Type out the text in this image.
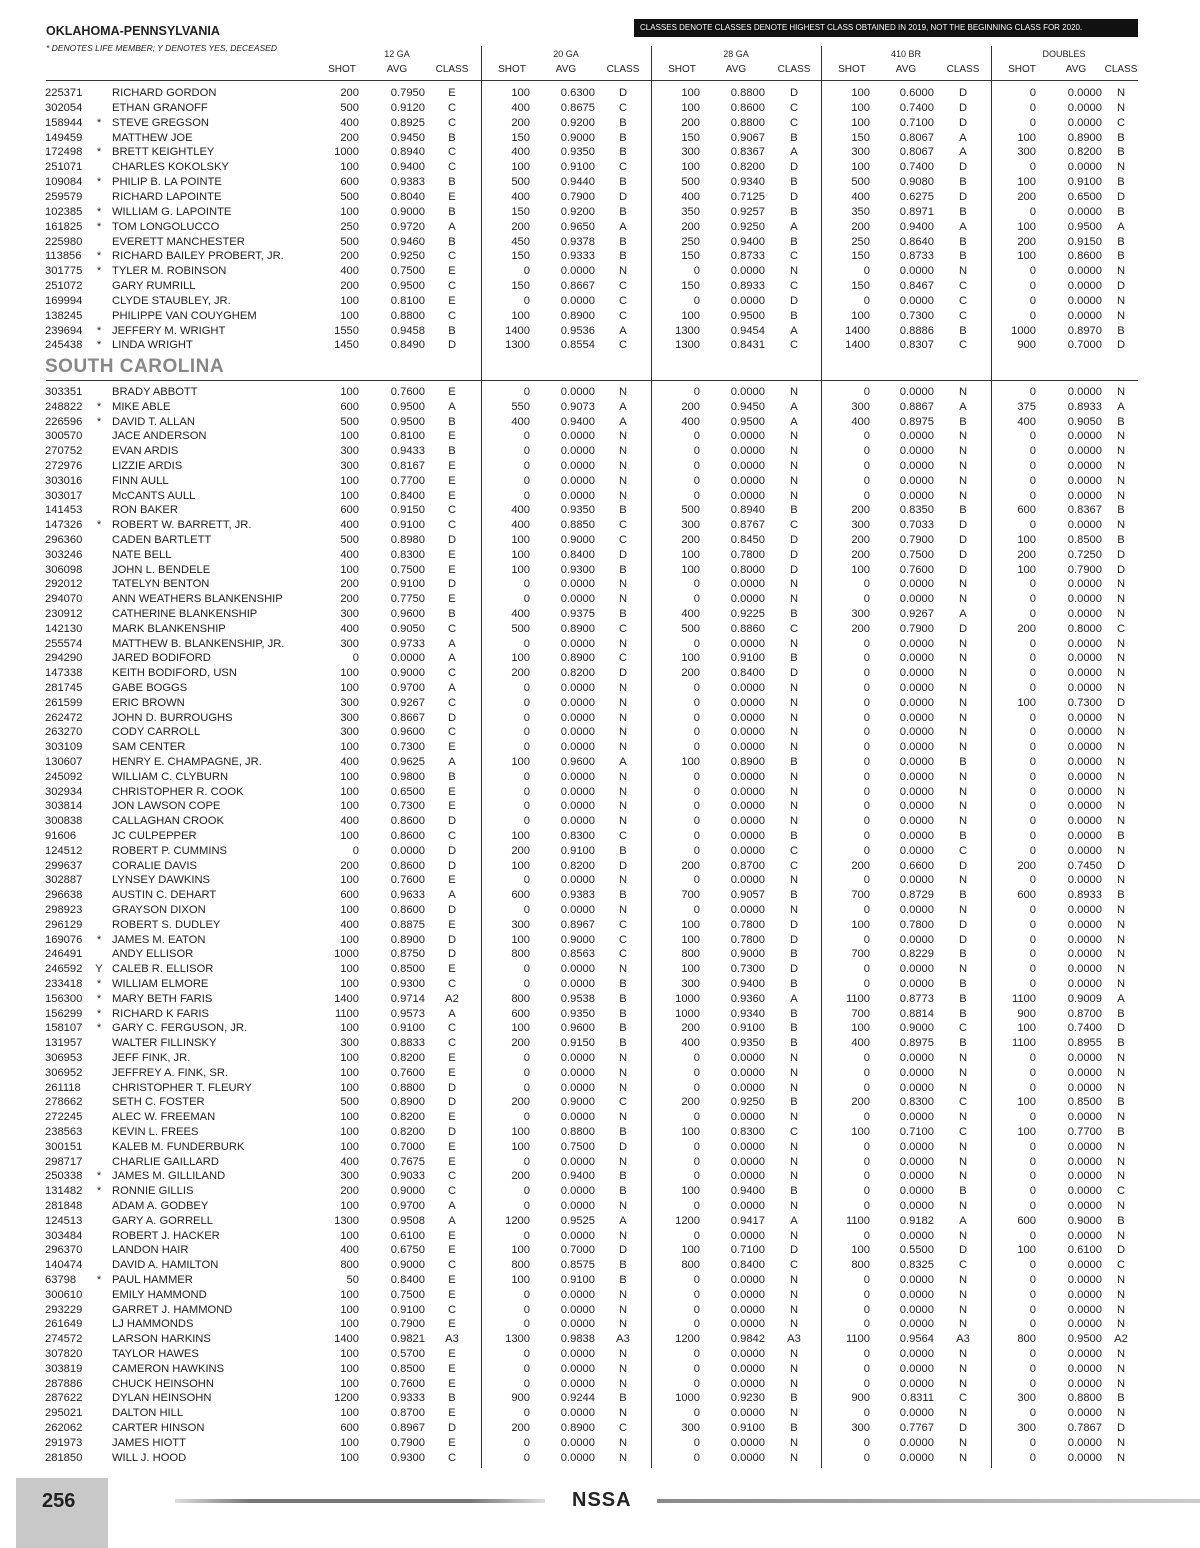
OKLAHOMA-PENNSYLVANIA
* DENOTES LIFE MEMBER; Y DENOTES YES, DECEASED
CLASSES DENOTE CLASSES DENOTE HIGHEST CLASS OBTAINED IN 2019, NOT THE BEGINNING CLASS FOR 2020.
12 GA
SHOT	AVG	CLASS
20 GA
SHOT	AVG	CLASS
28 GA
SHOT	AVG	CLASS
410 BR
SHOT	AVG	CLASS
DOUBLES
SHOT	AVG	CLASS
SOUTH CAROLINA
225371	RICHARD GORDON	200	0.7950	E	100	0.6300	D	100	0.8800	D	100	0.6000	D	0	0.0000	N
302054	ETHAN GRANOFF	500	0.9120	C	400	0.8675	C	100	0.8600	C	100	0.7400	D	0	0.0000	N
158944 * STEVE GREGSON	400	0.8925	C	200	0.9200	B	200	0.8800	C	100	0.7100	D	0	0.0000	C
149459	MATTHEW JOE	200	0.9450	B	150	0.9000	B	150	0.9067	B	150	0.8067	A	100	0.8900	B
172498 * BRETT KEIGHTLEY	1000	0.8940	C	400	0.9350	B	300	0.8367	A	300	0.8067	A	300	0.8200	B
251071	CHARLES KOKOLSKY	100	0.9400	C	100	0.9100	C	100	0.8200	D	100	0.7400	D	0	0.0000	N
109084 * PHILIP B. LA POINTE	600	0.9383	B	500	0.9440	B	500	0.9340	B	500	0.9080	B	100	0.9100	B
259579	RICHARD LAPOINTE	500	0.8040	E	400	0.7900	D	400	0.7125	D	400	0.6275	D	200	0.6500	D
102385 * WILLIAM G. LAPOINTE	100	0.9000	B	150	0.9200	B	350	0.9257	B	350	0.8971	B	0	0.0000	B
161825 * TOM LONGOLUCCO	250	0.9720	A	200	0.9650	A	200	0.9250	A	200	0.9400	A	100	0.9500	A
225980	EVERETT MANCHESTER	500	0.9460	B	450	0.9378	B	250	0.9400	B	250	0.8640	B	200	0.9150	B
113856 * RICHARD BAILEY PROBERT, JR.	200	0.9250	C	150	0.9333	B	150	0.8733	C	150	0.8733	B	100	0.8600	B
301775 * TYLER M. ROBINSON	400	0.7500	E	0	0.0000	N	0	0.0000	N	0	0.0000	N	0	0.0000	N
251072	GARY RUMRILL	200	0.9500	C	150	0.8667	C	150	0.8933	C	150	0.8467	C	0	0.0000	D
169994	CLYDE STAUBLEY, JR.	100	0.8100	E	0	0.0000	C	0	0.0000	D	0	0.0000	C	0	0.0000	N
138245	PHILIPPE VAN COUYGHEM	100	0.8800	C	100	0.8900	C	100	0.9500	B	100	0.7300	C	0	0.0000	N
239694 * JEFFERY M. WRIGHT	1550	0.9458	B	1400	0.9536	A	1300	0.9454	A	1400	0.8886	B	1000	0.8970	B
245438 * LINDA WRIGHT	1450	0.8490	D	1300	0.8554	C	1300	0.8431	C	1400	0.8307	C	900	0.7000	D
303351	BRADY ABBOTT	100	0.7600	E	0	0.0000	N	0	0.0000	N	0	0.0000	N	0	0.0000	N
248822 * MIKE ABLE	600	0.9500	A	550	0.9073	A	200	0.9450	A	300	0.8867	A	375	0.8933	A
226596 * DAVID T. ALLAN	500	0.9500	B	400	0.9400	A	400	0.9500	A	400	0.8975	B	400	0.9050	B
300570	JACE ANDERSON	100	0.8100	E	0	0.0000	N	0	0.0000	N	0	0.0000	N	0	0.0000	N
270752	EVAN ARDIS	300	0.9433	B	0	0.0000	N	0	0.0000	N	0	0.0000	N	0	0.0000	N
272976	LIZZIE ARDIS	300	0.8167	E	0	0.0000	N	0	0.0000	N	0	0.0000	N	0	0.0000	N
303016	FINN AULL	100	0.7700	E	0	0.0000	N	0	0.0000	N	0	0.0000	N	0	0.0000	N
303017	McCANTS AULL	100	0.8400	E	0	0.0000	N	0	0.0000	N	0	0.0000	N	0	0.0000	N
141453	RON BAKER	600	0.9150	C	400	0.9350	B	500	0.8940	B	200	0.8350	B	600	0.8367	B
147326 * ROBERT W. BARRETT, JR.	400	0.9100	C	400	0.8850	C	300	0.8767	C	300	0.7033	D	0	0.0000	N
296360	CADEN BARTLETT	500	0.8980	D	100	0.9000	C	200	0.8450	D	200	0.7900	D	100	0.8500	B
303246	NATE BELL	400	0.8300	E	100	0.8400	D	100	0.7800	D	200	0.7500	D	200	0.7250	D
306098	JOHN L. BENDELE	100	0.7500	E	100	0.9300	B	100	0.8000	D	100	0.7600	D	100	0.7900	D
292012	TATELYN BENTON	200	0.9100	D	0	0.0000	N	0	0.0000	N	0	0.0000	N	0	0.0000	N
294070	ANN WEATHERS BLANKENSHIP	200	0.7750	E	0	0.0000	N	0	0.0000	N	0	0.0000	N	0	0.0000	N
230912	CATHERINE BLANKENSHIP	300	0.9600	B	400	0.9375	B	400	0.9225	B	300	0.9267	A	0	0.0000	N
142130	MARK BLANKENSHIP	400	0.9050	C	500	0.8900	C	500	0.8860	C	200	0.7900	D	200	0.8000	C
255574	MATTHEW B. BLANKENSHIP, JR.	300	0.9733	A	0	0.0000	N	0	0.0000	N	0	0.0000	N	0	0.0000	N
294290	JARED BODIFORD	0	0.0000	A	100	0.8900	C	100	0.9100	B	0	0.0000	N	0	0.0000	N
147338	KEITH BODIFORD, USN	100	0.9000	C	200	0.8200	D	200	0.8400	D	0	0.0000	N	0	0.0000	N
281745	GABE BOGGS	100	0.9700	A	0	0.0000	N	0	0.0000	N	0	0.0000	N	0	0.0000	N
261599	ERIC BROWN	300	0.9267	C	0	0.0000	N	0	0.0000	N	0	0.0000	N	100	0.7300	D
262472	JOHN D. BURROUGHS	300	0.8667	D	0	0.0000	N	0	0.0000	N	0	0.0000	N	0	0.0000	N
263270	CODY CARROLL	300	0.9600	C	0	0.0000	N	0	0.0000	N	0	0.0000	N	0	0.0000	N
303109	SAM CENTER	100	0.7300	E	0	0.0000	N	0	0.0000	N	0	0.0000	N	0	0.0000	N
130607	HENRY E. CHAMPAGNE, JR.	400	0.9625	A	100	0.9600	A	100	0.8900	B	0	0.0000	B	0	0.0000	N
245092	WILLIAM C. CLYBURN	100	0.9800	B	0	0.0000	N	0	0.0000	N	0	0.0000	N	0	0.0000	N
302934	CHRISTOPHER R. COOK	100	0.6500	E	0	0.0000	N	0	0.0000	N	0	0.0000	N	0	0.0000	N
303814	JON LAWSON COPE	100	0.7300	E	0	0.0000	N	0	0.0000	N	0	0.0000	N	0	0.0000	N
300838	CALLAGHAN CROOK	400	0.8600	D	0	0.0000	N	0	0.0000	N	0	0.0000	N	0	0.0000	N
91606	JC CULPEPPER	100	0.8600	C	100	0.8300	C	0	0.0000	B	0	0.0000	B	0	0.0000	B
124512	ROBERT P. CUMMINS	0	0.0000	D	200	0.9100	B	0	0.0000	C	0	0.0000	C	0	0.0000	N
299637	CORALIE DAVIS	200	0.8600	D	100	0.8200	D	200	0.8700	C	200	0.6600	D	200	0.7450	D
302887	LYNSEY DAWKINS	100	0.7600	E	0	0.0000	N	0	0.0000	N	0	0.0000	N	0	0.0000	N
296638	AUSTIN C. DEHART	600	0.9633	A	600	0.9383	B	700	0.9057	B	700	0.8729	B	600	0.8933	B
298923	GRAYSON DIXON	100	0.8600	D	0	0.0000	N	0	0.0000	N	0	0.0000	N	0	0.0000	N
296129	ROBERT S. DUDLEY	400	0.8875	E	300	0.8967	C	100	0.7800	D	100	0.7800	D	0	0.0000	N
169076 * JAMES M. EATON	100	0.8900	D	100	0.9000	C	100	0.7800	D	0	0.0000	D	0	0.0000	N
246491	ANDY ELLISOR	1000	0.8750	D	800	0.8563	C	800	0.9000	B	700	0.8229	B	0	0.0000	N
246592 Y CALEB R. ELLISOR	100	0.8500	E	0	0.0000	N	100	0.7300	D	0	0.0000	N	0	0.0000	N
233418 * WILLIAM ELMORE	100	0.9300	C	0	0.0000	B	300	0.9400	B	0	0.0000	B	0	0.0000	N
156300 * MARY BETH FARIS	1400	0.9714	A2	800	0.9538	B	1000	0.9360	A	1100	0.8773	B	1100	0.9009	A
156299 * RICHARD K FARIS	1100	0.9573	A	600	0.9350	B	1000	0.9340	B	700	0.8814	B	900	0.8700	B
158107 * GARY C. FERGUSON, JR.	100	0.9100	C	100	0.9600	B	200	0.9100	B	100	0.9000	C	100	0.7400	D
131957	WALTER FILLINSKY	300	0.8833	C	200	0.9150	B	400	0.9350	B	400	0.8975	B	1100	0.8955	B
306953	JEFF FINK, JR.	100	0.8200	E	0	0.0000	N	0	0.0000	N	0	0.0000	N	0	0.0000	N
306952	JEFFREY A. FINK, SR.	100	0.7600	E	0	0.0000	N	0	0.0000	N	0	0.0000	N	0	0.0000	N
261118	CHRISTOPHER T. FLEURY	100	0.8800	D	0	0.0000	N	0	0.0000	N	0	0.0000	N	0	0.0000	N
278662	SETH C. FOSTER	500	0.8900	D	200	0.9000	C	200	0.9250	B	200	0.8300	C	100	0.8500	B
272245	ALEC W. FREEMAN	100	0.8200	E	0	0.0000	N	0	0.0000	N	0	0.0000	N	0	0.0000	N
238563	KEVIN L. FREES	100	0.8200	D	100	0.8800	B	100	0.8300	C	100	0.7100	C	100	0.7700	B
300151	KALEB M. FUNDERBURK	100	0.7000	E	100	0.7500	D	0	0.0000	N	0	0.0000	N	0	0.0000	N
298717	CHARLIE GAILLARD	400	0.7675	E	0	0.0000	N	0	0.0000	N	0	0.0000	N	0	0.0000	N
250338 * JAMES M. GILLILAND	300	0.9033	C	200	0.9400	B	0	0.0000	N	0	0.0000	N	0	0.0000	N
131482 * RONNIE GILLIS	200	0.9000	C	0	0.0000	B	100	0.9400	B	0	0.0000	B	0	0.0000	C
281848	ADAM A. GODBEY	100	0.9700	A	0	0.0000	N	0	0.0000	N	0	0.0000	N	0	0.0000	N
124513	GARY A. GORRELL	1300	0.9508	A	1200	0.9525	A	1200	0.9417	A	1100	0.9182	A	600	0.9000	B
303484	ROBERT J. HACKER	100	0.6100	E	0	0.0000	N	0	0.0000	N	0	0.0000	N	0	0.0000	N
296370	LANDON HAIR	400	0.6750	E	100	0.7000	D	100	0.7100	D	100	0.5500	D	100	0.6100	D
140474	DAVID A. HAMILTON	800	0.9000	C	800	0.8575	B	800	0.8400	C	800	0.8325	C	0	0.0000	C
63798 * PAUL HAMMER	50	0.8400	E	100	0.9100	B	0	0.0000	N	0	0.0000	N	0	0.0000	N
300610	EMILY HAMMOND	100	0.7500	E	0	0.0000	N	0	0.0000	N	0	0.0000	N	0	0.0000	N
293229	GARRET J. HAMMOND	100	0.9100	C	0	0.0000	N	0	0.0000	N	0	0.0000	N	0	0.0000	N
261649	LJ HAMMONDS	100	0.7900	E	0	0.0000	N	0	0.0000	N	0	0.0000	N	0	0.0000	N
274572	LARSON HARKINS	1400	0.9821	A3	1300	0.9838	A3	1200	0.9842	A3	1100	0.9564	A3	800	0.9500	A2
307820	TAYLOR HAWES	100	0.5700	E	0	0.0000	N	0	0.0000	N	0	0.0000	N	0	0.0000	N
303819	CAMERON HAWKINS	100	0.8500	E	0	0.0000	N	0	0.0000	N	0	0.0000	N	0	0.0000	N
287886	CHUCK HEINSOHN	100	0.7600	E	0	0.0000	N	0	0.0000	N	0	0.0000	N	0	0.0000	N
287622	DYLAN HEINSOHN	1200	0.9333	B	900	0.9244	B	1000	0.9230	B	900	0.8311	C	300	0.8800	B
295021	DALTON HILL	100	0.8700	E	0	0.0000	N	0	0.0000	N	0	0.0000	N	0	0.0000	N
262062	CARTER HINSON	600	0.8967	D	200	0.8900	C	300	0.9100	B	300	0.7767	D	300	0.7867	D
291973	JAMES HIOTT	100	0.7900	E	0	0.0000	N	0	0.0000	N	0	0.0000	N	0	0.0000	N
281850	WILL J. HOOD	100	0.9300	C	0	0.0000	N	0	0.0000	N	0	0.0000	N	0	0.0000	N
256	NSSA
